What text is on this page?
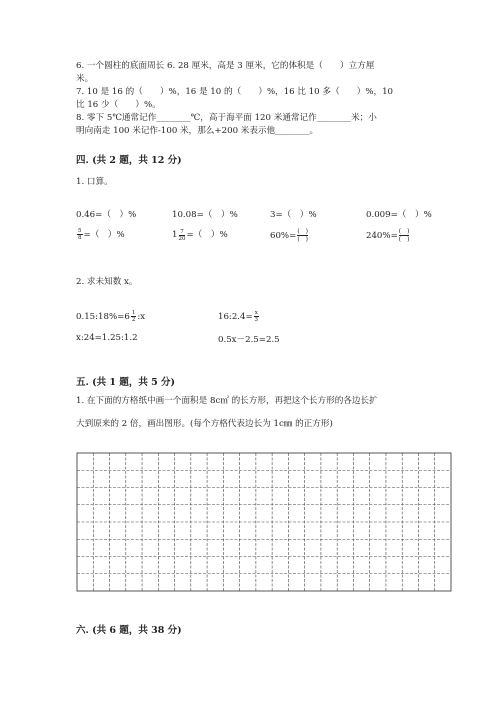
6. 一个圆柱的底面周长 6. 28 厘米，高是 3 厘米，它的体积是（　　）立方厘
米。
7. 10 是 16 的（　　）%，16 是 10 的（　　）%，16 比 10 多（　　）%，10
比 16 少（　　）%。
8. 零下 5℃通常记作________℃，高于海平面 120 米通常记作________米；小
明向南走 100 米记作-100 米，那么+200 米表示他________。
四. (共 2 题，共 12 分)
1. 口算。
0.46=（　）%	10.08=（　）%	3=（　）%	0.009=（　）%
$\frac{5}{8}$ =（　）%	$1 \frac{7}{20}$ =（　）%	$60\%= \frac{( )}{( )}$	$240\%= \frac{( )}{( )}$
2. 求未知数 x。
0.15:18%=6 $\frac{1}{2}$ :x	16:2.4= $\frac{x}{3}$
x:24=1.25:1.2	0.5x－2.5=2.5
五. (共 1 题，共 5 分)
1. 在下面的方格纸中画一个面积是 8c㎡ 的长方形，再把这个长方形的各边长扩
大到原来的 2 倍，画出图形。(每个方格代表边长为 1c㎜ 的正方形)
六. (共 6 题，共 38 分)
